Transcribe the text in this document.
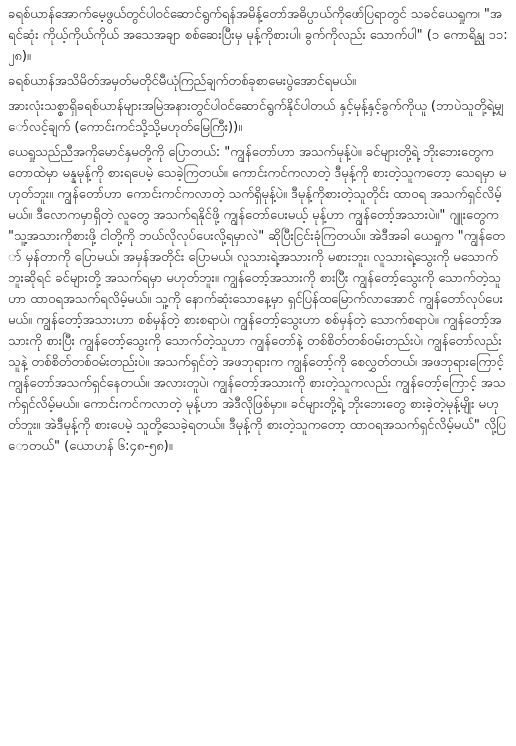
ခရစ်ယာန်အောက်မေ့ဖွယ်တွင်ပါဝင်ဆောင်ရွက်ရန်အမိန့်တော်အဓိပ္ပာယ်ကိုဖော်ပြရာတွင် သခင်ယေရှုက၊ "အရင်ဆုံး ကိုယ့်ကိုယ်ကိုယ် အသေအချာ စစ်ဆေးပြီးမှ မုန့်ကိုစားပါ၊ ခွက်ကိုလည်း သောက်ပါ" (၁ ကောရိန္သု ၁၁:၂၈)။

ခရစ်ယာန်အသိမိတ်အမှတ်မတိုင်မီယုံကြည်ချက်တစ်ခုစာမေးပွဲအောင်ရမယ်။

အားလုံးသစ္စာရှိခရစ်ယာန်များအမြဲအနားတွင်ပါဝင်ဆောင်ရွက်နိုင်ပါတယ် နှင့်မုန့်နှင့်ခွက်ကိုယူ (ဘာပဲသူတို့ရဲ့မျှော်လင့်ချက် (ကောင်းကင်သို့သို့မဟုတ်မြေကြီး))။

ယေရှုသည်ညီအကိုမောင်နှမတို့ကို ပြောတယ်: "ကျွန်တော်ဟာ အသက်မုန့်ပဲ။ ခင်များတို့ရဲ့ ဘိုးဘေးတွေက တောထဲမှာ မန္နမုန့်ကို စားရပေမဲ့ သေခဲ့ကြတယ်။ ကောင်းကင်ကလာတဲ့ ဒီမုန့်ကို စားတဲ့သူကတော့ သေရမှာ မဟုတ်ဘူး။ ကျွန်တော်ဟာ ကောင်းကင်ကလာတဲ့ သက်ရှိမုန့်ပဲ။ ဒီမုန့်ကိုစားတဲ့သူတိုင်း ထာဝရ အသက်ရှင်လိမ့်မယ်။ ဒီလောကမှာရှိတဲ့ လူတွေ အသက်ရနိုင်ဖို့ ကျွန်တော်ပေးမယ့် မုန့်ဟာ ကျွန်တော့်အသားပဲ။" ဂျူးတွေက "သူ့အသားကိုစားဖို့ ငါတို့ကို ဘယ်လိုလုပ်ပေးလို့ရမှာလဲ" ဆိုပြီးငြင်းခုံကြတယ်။ အဲဒီအခါ ယေရှုက "ကျွန်တော် မှန်တာကို ပြောမယ်၊ အမှန်အတိုင်း ပြောမယ်၊ လူသားရဲ့အသားကို မစားဘူး၊ လူသားရဲ့သွေးကို မသောက်ဘူးဆိုရင် ခင်များတို့ အသက်ရမှာ မဟုတ်ဘူး။ ကျွန်တော့်အသားကို စားပြီး ကျွန်တော့်သွေးကို သောက်တဲ့သူဟာ ထာဝရအသက်ရလိမ့်မယ်။ သူ့ကို နောက်ဆုံးသောနေ့မှာ ရှင်ပြန်ထမြောက်လာအောင် ကျွန်တော်လုပ်ပေးမယ်။ ကျွန်တော့်အသားဟာ စစ်မှန်တဲ့ စားစရာပဲ၊ ကျွန်တော့်သွေးဟာ စစ်မှန်တဲ့ သောက်စရာပဲ။ ကျွန်တော့်အသားကို စားပြီး ကျွန်တော့်သွေးကို သောက်တဲ့သူဟာ ကျွန်တော်နဲ့ တစ်စိတ်တစ်ဝမ်းတည်းပဲ၊ ကျွန်တော်လည်း သူနဲ့ တစ်စိတ်တစ်ဝမ်းတည်းပဲ။ အသက်ရှင်တဲ့ အဖဘုရားက ကျွန်တော့်ကို စေလွှတ်တယ်၊ အဖဘုရားကြောင့် ကျွန်တော်အသက်ရှင်နေတယ်။ အလားတူပဲ၊ ကျွန်တော့်အသားကို စားတဲ့သူကလည်း ကျွန်တော့်ကြောင့် အသက်ရှင်လိမ့်မယ်။ ကောင်းကင်ကလာတဲ့ မုန့်ဟာ အဲဒီလိုဖြစ်မှာ။ ခင်များတို့ရဲ့ ဘိုးဘေးတွေ စားခဲ့တဲ့မုန့်မျိုး မဟုတ်ဘူး။ အဲဒီမုန့်ကို စားပေမဲ့ သူတို့သေခဲ့ရတယ်။ ဒီမုန့်ကို စားတဲ့သူကတော့ ထာဝရအသက်ရှင်လိမ့်မယ်" လို့ပြောတယ်" (ယောဟန် ၆:၄၈-၅၈)။
